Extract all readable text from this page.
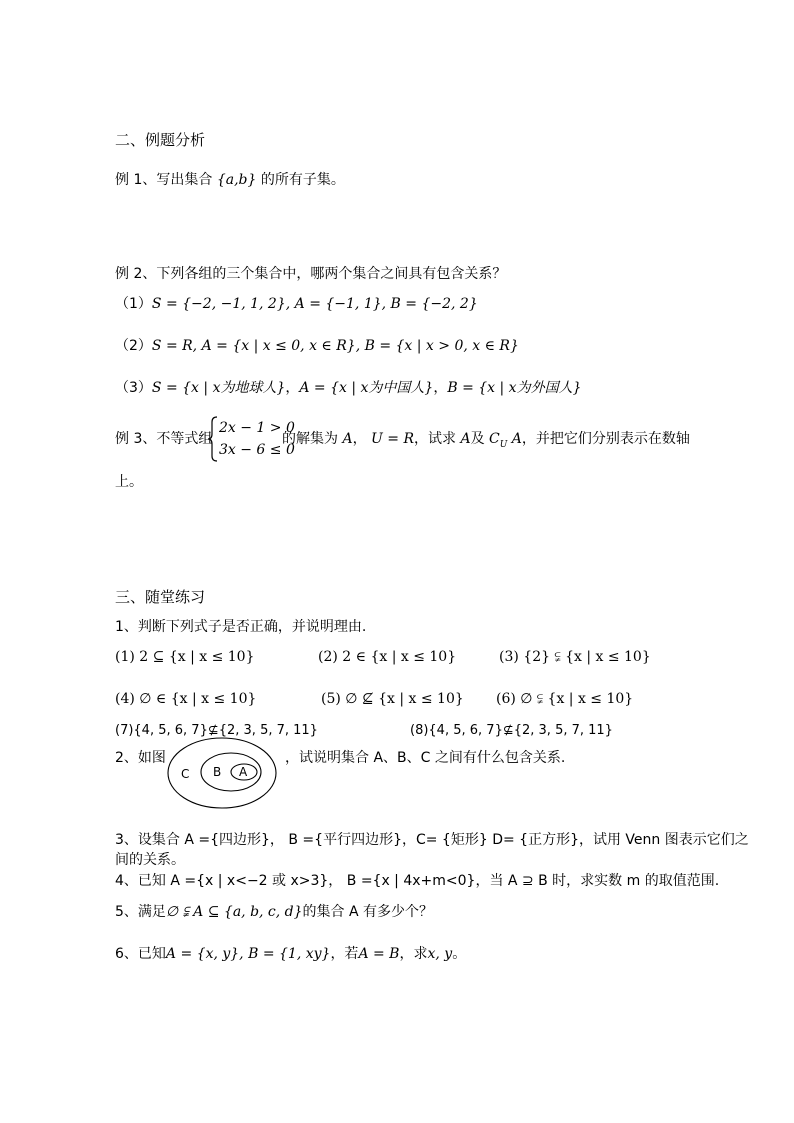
二、例题分析
例 1、写出集合 {a,b} 的所有子集。
例 2、下列各组的三个集合中，哪两个集合之间具有包含关系？
（1）S = {−2, −1, 1, 2}, A = {−1, 1}, B = {−2, 2}
（2）S = R, A = {x | x ≤ 0, x ∈ R}, B = {x | x > 0, x ∈ R}
（3）S = {x | x为地球人}，A = {x | x为中国人}，B = {x | x为外国人}
例 3、不等式组
2x − 1 > 0
3x − 6 ≤ 0
的解集为 A， U = R，试求 A及 $C_U$ A，并把它们分别表示在数轴
上。
三、随堂练习
1、判断下列式子是否正确，并说明理由.
(1) 2 ⊆ {x | x ≤ 10}	(2) 2 ∈ {x | x ≤ 10}	(3) {2} ⫋ {x | x ≤ 10}
(4) ∅ ∈ {x | x ≤ 10}	(5) ∅ ⊈ {x | x ≤ 10} (6) ∅ ⫋ {x | x ≤ 10}
(7){4, 5, 6, 7}⊈{2, 3, 5, 7, 11}	(8){4, 5, 6, 7}⊈{2, 3, 5, 7, 11}
2、如图
C B A
，试说明集合 A、B、C 之间有什么包含关系.
3、设集合 A ={四边形}， B ={平行四边形}，C= {矩形} D= {正方形}，试用 Venn 图表示它们之
间的关系。
4、已知 A ={x | x<−2 或 x>3}， B ={x | 4x+m<0}，当 A ⊇ B 时，求实数 m 的取值范围.
5、满足∅ ⫋ A ⊆ {a, b, c, d}的集合 A 有多少个？
6、已知A = {x, y}, B = {1, xy}，若A = B，求x, y。
